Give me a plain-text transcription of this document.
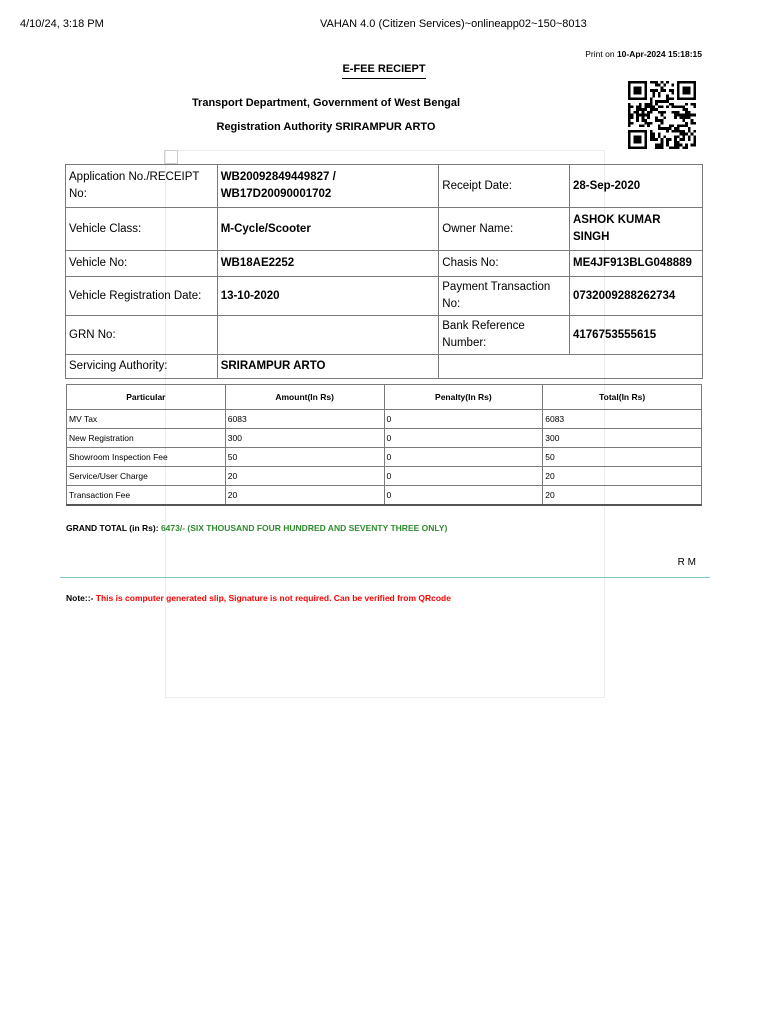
4/10/24, 3:18 PM	VAHAN 4.0 (Citizen Services)~onlineapp02~150~8013
Print on 10-Apr-2024 15:18:15
E-FEE RECIEPT
Transport Department, Government of West Bengal
Registration Authority SRIRAMPUR ARTO
Application No./RECEIPT No:	WB20092849449827 / WB17D20090001702	Receipt Date:	28-Sep-2020
Vehicle Class:	M-Cycle/Scooter	Owner Name:	ASHOK KUMAR SINGH
Vehicle No:	WB18AE2252	Chasis No:	ME4JF913BLG048889
Vehicle Registration Date:	13-10-2020	Payment Transaction No:	0732009288262734
GRN No:		Bank Reference Number:	4176753555615
Servicing Authority:	SRIRAMPUR ARTO		
Particular	Amount(In Rs)	Penalty(In Rs)	Total(In Rs)
MV Tax	6083	0	6083
New Registration	300	0	300
Showroom Inspection Fee	50	0	50
Service/User Charge	20	0	20
Transaction Fee	20	0	20
GRAND TOTAL (in Rs): 6473/- (SIX THOUSAND FOUR HUNDRED AND SEVENTY THREE ONLY)
R M
Note::- This is computer generated slip, Signature is not required. Can be verified from QRcode
